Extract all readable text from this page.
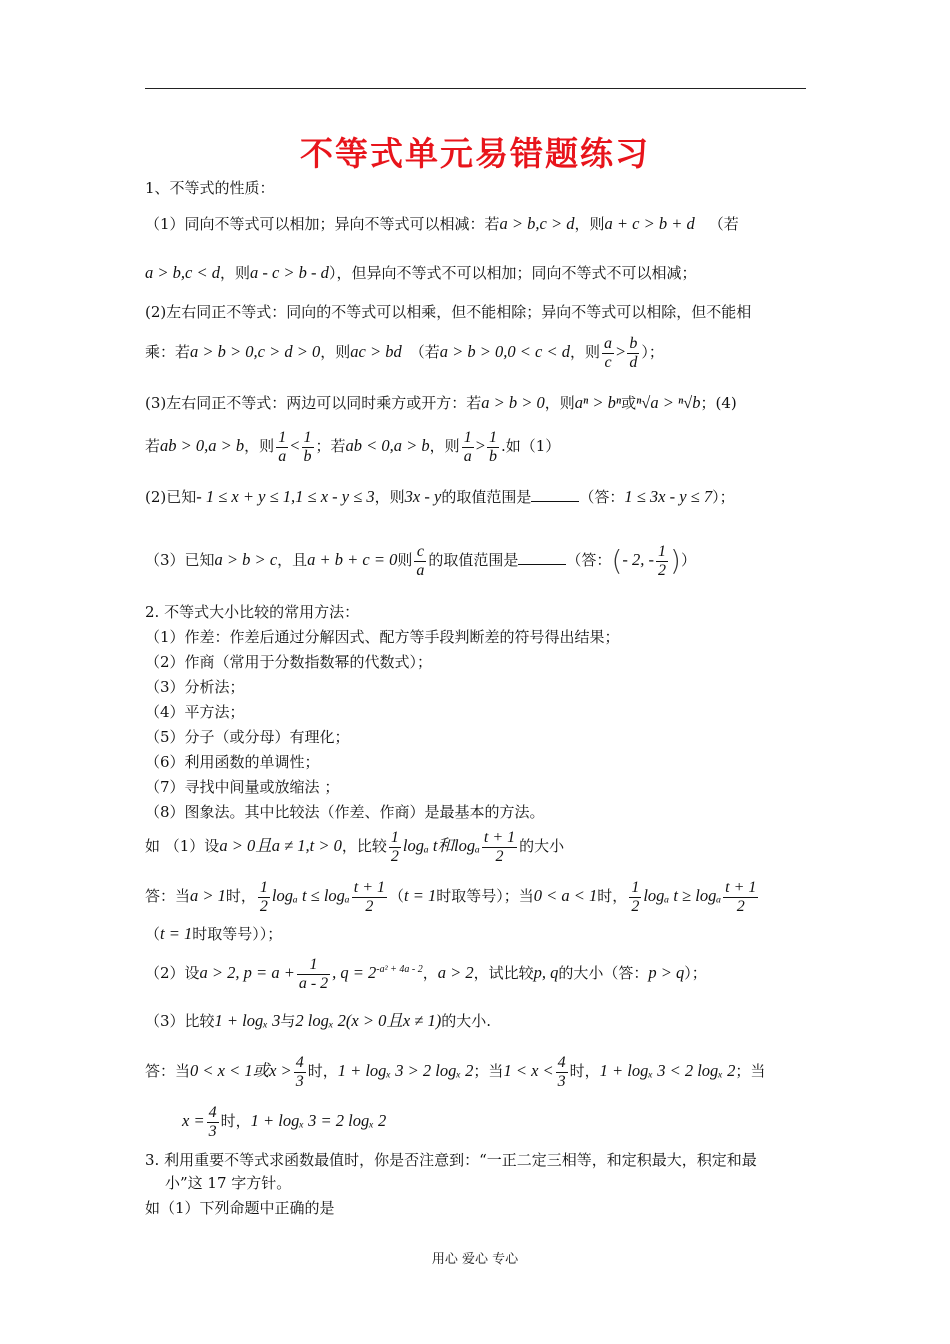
不等式单元易错题练习
1、不等式的性质：
（1）同向不等式可以相加；异向不等式可以相减：若a > b,c > d，则a + c > b + d （若
a > b,c < d，则a - c > b - d），但异向不等式不可以相加；同向不等式不可以相减；
(2)左右同正不等式：同向的不等式可以相乘，但不能相除；异向不等式可以相除，但不能相
乘：若a > b > 0,c > d > 0，则ac > bd （若a > b > 0,0 < c < d，则 $\frac{a}{c} > \frac{b}{d}$ ）；
(3)左右同正不等式：两边可以同时乘方或开方：若a > b > 0，则aⁿ > bⁿ或ⁿ√a > ⁿ√b；(4)
若ab > 0,a > b，则 $\frac{1}{a} < \frac{1}{b}$ ；若ab < 0,a > b，则 $\frac{1}{a} > \frac{1}{b}$ .如（1）
(2)已知- 1 ≤ x + y ≤ 1,1 ≤ x - y ≤ 3，则3x - y的取值范围是	（答：1 ≤ 3x - y ≤ 7）；
（3）已知a > b > c，且a + b + c = 0则 $\frac{c}{a}$ 的取值范围是	（答：(- 2, - $\frac{1}{2}$ )）
2. 不等式大小比较的常用方法：
（1）作差：作差后通过分解因式、配方等手段判断差的符号得出结果；
（2）作商（常用于分数指数幂的代数式）；
（3）分析法；
（4）平方法；
（5）分子（或分母）有理化；
（6）利用函数的单调性；
（7）寻找中间量或放缩法 ；
（8）图象法。其中比较法（作差、作商）是最基本的方法。
如 （1）设a > 0且a ≠ 1,t > 0，比较 $\frac{1}{2}$ logₐ t和logₐ $\frac{t + 1}{2}$ 的大小
答：当a > 1时， $\frac{1}{2}$ logₐ t ≤ logₐ $\frac{t + 1}{2} (t = 1$时取等号）；当0 < a < 1时， $\frac{1}{2}$ logₐ t ≥ logₐ $\frac{t + 1}{2}$
（t = 1时取等号））；
（2）设a > 2, $p = a + \frac{1}{a - 2}$ , $q = 2^{-a^2 + 4a - 2}$，a > 2，试比较p, q的大小（答：p > q）；
（3）比较1 + logₓ 3与2 logₓ 2(x > 0且x ≠ 1)的大小.
答：当0 < x < 1或$x > \frac{4}{3}$ 时，1 + logₓ 3 > 2 logₓ 2；当$1 < x < \frac{4}{3}$ 时，1 + logₓ 3 < 2 logₓ 2；当
$x = \frac{4}{3}$ 时，1 + logₓ 3 = 2 logₓ 2
3. 利用重要不等式求函数最值时，你是否注意到：“一正二定三相等，和定积最大，积定和最
小”这 17 字方针。
如（1）下列命题中正确的是
用心 爱心 专心
